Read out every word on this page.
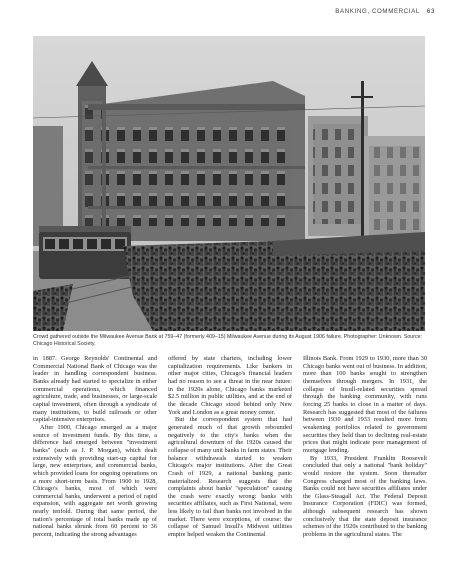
BANKING, COMMERCIAL 63
Crowd gathered outside the Milwaukee Avenue Bank at 759–47 (formerly 409–15) Milwaukee Avenue during its August 1906 failure. Photographer: Unknown. Source: Chicago Historical Society.

in 1887. George Reynolds' Continental and Commercial National Bank of Chicago was the leader in handling correspondent business. Banks already had started to specialize in either commercial operations, which financed agriculture, trade, and businesses, or large-scale capital investment, often through a syndicate of many institutions, to build railroads or other capital-intensive enterprises.

After 1900, Chicago emerged as a major source of investment funds. By this time, a difference had emerged between "investment banks" (such as J. P. Morgan), which dealt extensively with providing start-up capital for large, new enterprises, and commercial banks, which provided loans for ongoing operations on a more short-term basis. From 1900 to 1928, Chicago's banks, most of which were commercial banks, underwent a period of rapid expansion, with aggregate net worth growing nearly tenfold. During that same period, the nation's percentage of total banks made up of national banks shrunk from 60 percent to 36 percent, indicating the strong advantages

offered by state charters, including lower capitalization requirements. Like bankers in other major cities, Chicago's financial leaders had no reason to see a threat in the near future: in the 1920s alone, Chicago banks marketed $2.5 million in public utilities, and at the end of the decade Chicago stood behind only New York and London as a great money center.

But the correspondent system that had generated much of that growth rebounded negatively to the city's banks when the agricultural downturn of the 1920s caused the collapse of many unit banks in farm states. Their balance withdrawals started to weaken Chicago's major institutions. After the Great Crash of 1929, a national banking panic materialized. Research suggests that the complaints about banks' "speculation" causing the crash were exactly wrong: banks with securities affiliates, such as First National, were less likely to fail than banks not involved in the market. There were exceptions, of course: the collapse of Samuel Insull's Midwest utilities empire helped weaken the Continental

Illinois Bank. From 1929 to 1930, more than 30 Chicago banks went out of business. In addition, more than 100 banks sought to strengthen themselves through mergers. In 1931, the collapse of Insull-related securities spread through the banking community, with runs forcing 25 banks to close in a matter of days. Research has suggested that most of the failures between 1930 and 1933 resulted more from weakening portfolios related to government securities they held than to declining real-estate prices that might indicate poor management of mortgage lending.

By 1933, President Franklin Roosevelt concluded that only a national "bank holiday" would restore the system. Soon thereafter Congress changed most of the banking laws. Banks could not have securities affiliates under the Glass-Steagall Act. The Federal Deposit Insurance Corporation (FDIC) was formed, although subsequent research has shown conclusively that the state deposit insurance schemes of the 1920s contributed to the banking problems in the agricultural states. The
